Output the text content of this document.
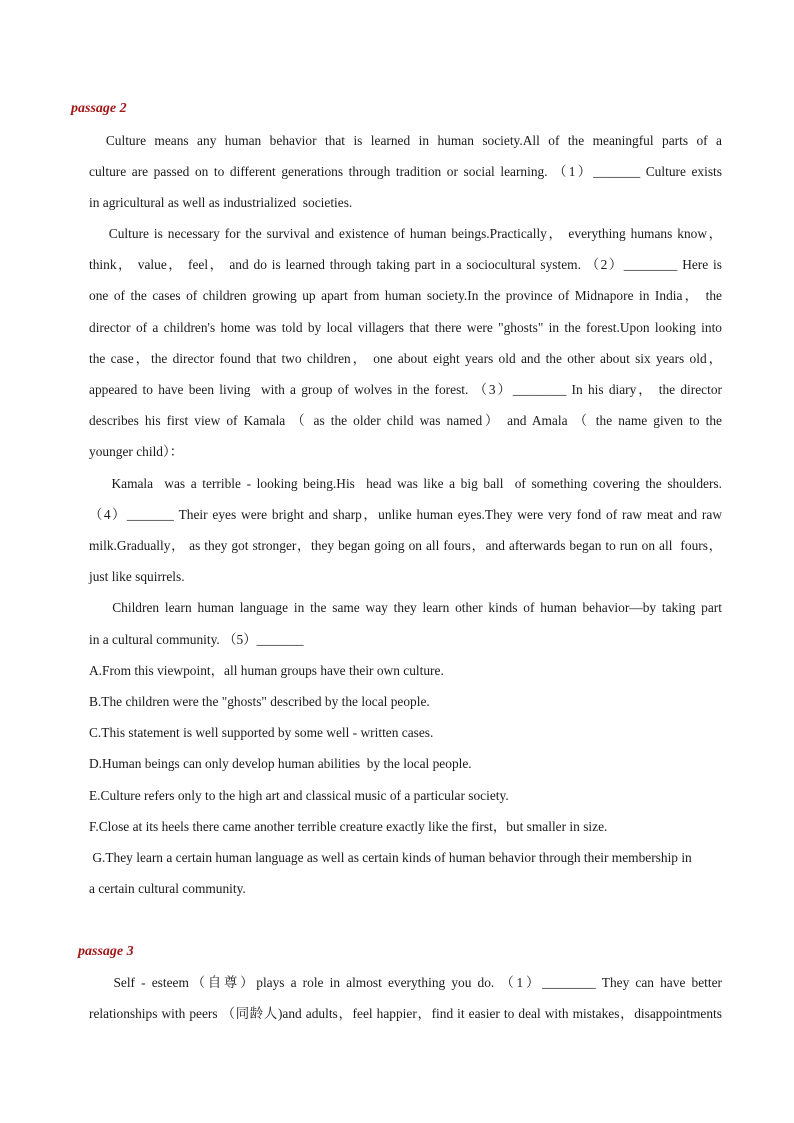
passage 2
Culture means any human behavior that is learned in human society.All of the meaningful parts of a
culture are passed on to different generations through tradition or social learning. （1）_______ Culture exists
in agricultural as well as industrialized  societies.
Culture is necessary for the survival and existence of human beings.Practically， everything humans know，
think， value， feel， and do is learned through taking part in a sociocultural system. （2）________ Here is
one of the cases of children growing up apart from human society.In the province of Midnapore in India， the
director of a children's home was told by local villagers that there were "ghosts" in the forest.Upon looking into
the case，the director found that two children， one about eight years old and the other about six years old，
appeared to have been living  with a group of wolves in the forest. （3）________ In his diary， the director
describes his first view of Kamala （ as the older child was named） and Amala （ the name given to the
younger child）：
Kamala  was a terrible - looking being.His  head was like a big ball  of something covering the shoulders.
（4）_______ Their eyes were bright and sharp，unlike human eyes.They were very fond of raw meat and raw
milk.Gradually， as they got stronger，they began going on all fours，and afterwards began to run on all  fours，
just like squirrels.
Children learn human language in the same way they learn other kinds of human behavior—by taking part
in a cultural community. （5）_______
A.From this viewpoint，all human groups have their own culture.
B.The children were the "ghosts" described by the local people.
C.This statement is well supported by some well - written cases.
D.Human beings can only develop human abilities  by the local people.
E.Culture refers only to the high art and classical music of a particular society.
F.Close at its heels there came another terrible creature exactly like the first，but smaller in size.
G.They learn a certain human language as well as certain kinds of human behavior through their membership in
a certain cultural community.
passage 3
Self - esteem（自尊）plays a role in almost everything you do. （1）________ They can have better
relationships with peers （同龄人)and adults，feel happier，find it easier to deal with mistakes，disappointments
